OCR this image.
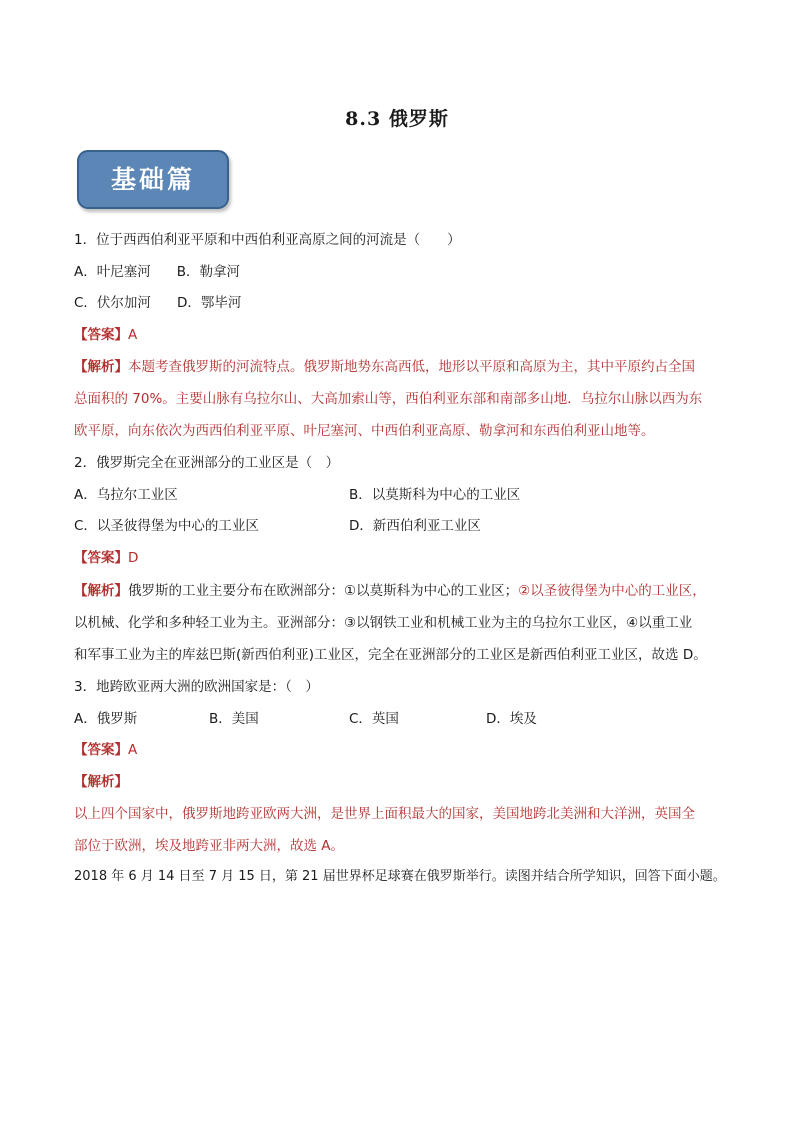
8.3 俄罗斯
基础篇
1．位于西西伯利亚平原和中西伯利亚高原之间的河流是（　　）
A．叶尼塞河 B．勒拿河
C．伏尔加河 D．鄂毕河
【答案】A
【解析】本题考查俄罗斯的河流特点。俄罗斯地势东高西低，地形以平原和高原为主，其中平原约占全国
总面积的 70%。主要山脉有乌拉尔山、大高加索山等，西伯利亚东部和南部多山地．乌拉尔山脉以西为东
欧平原，向东依次为西西伯利亚平原、叶尼塞河、中西伯利亚高原、勒拿河和东西伯利亚山地等。
2．俄罗斯完全在亚洲部分的工业区是（　）
A．乌拉尔工业区	B．以莫斯科为中心的工业区
C．以圣彼得堡为中心的工业区	D．新西伯利亚工业区
【答案】D
【解析】俄罗斯的工业主要分布在欧洲部分：①以莫斯科为中心的工业区；②以圣彼得堡为中心的工业区，
以机械、化学和多种轻工业为主。亚洲部分：③以钢铁工业和机械工业为主的乌拉尔工业区，④以重工业
和军事工业为主的库兹巴斯(新西伯利亚)工业区，完全在亚洲部分的工业区是新西伯利亚工业区，故选 D。
3．地跨欧亚两大洲的欧洲国家是：（　）
A．俄罗斯	B．美国	C．英国	D．埃及
【答案】A
【解析】
以上四个国家中，俄罗斯地跨亚欧两大洲，是世界上面积最大的国家，美国地跨北美洲和大洋洲，英国全
部位于欧洲，埃及地跨亚非两大洲，故选 A。
2018 年 6 月 14 日至 7 月 15 日，第 21 届世界杯足球赛在俄罗斯举行。读图并结合所学知识，回答下面小题。
